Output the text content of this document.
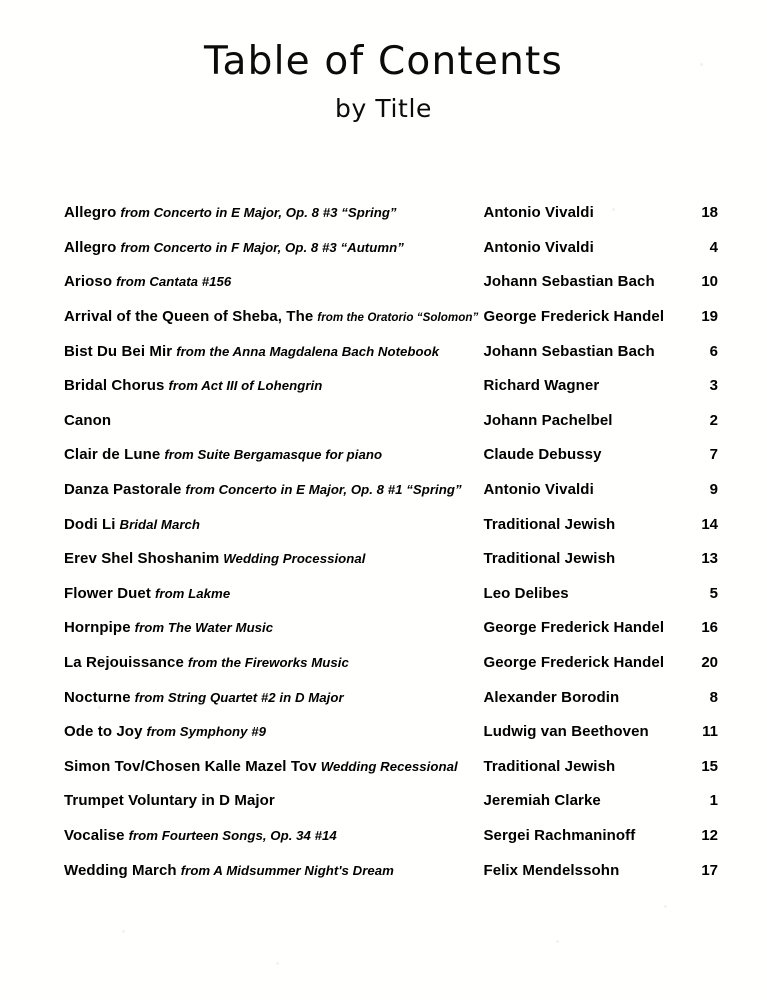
Table of Contents
by Title
Allegro from Concerto in E Major, Op. 8 #3 “Spring”	Antonio Vivaldi	18
Allegro from Concerto in F Major, Op. 8 #3 “Autumn”	Antonio Vivaldi	4
Arioso from Cantata #156	Johann Sebastian Bach	10
Arrival of the Queen of Sheba, The from the Oratorio “Solomon”	George Frederick Handel	19
Bist Du Bei Mir from the Anna Magdalena Bach Notebook	Johann Sebastian Bach	6
Bridal Chorus from Act III of Lohengrin	Richard Wagner	3
Canon	Johann Pachelbel	2
Clair de Lune from Suite Bergamasque for piano	Claude Debussy	7
Danza Pastorale from Concerto in E Major, Op. 8 #1 “Spring”	Antonio Vivaldi	9
Dodi Li Bridal March	Traditional Jewish	14
Erev Shel Shoshanim Wedding Processional	Traditional Jewish	13
Flower Duet from Lakme	Leo Delibes	5
Hornpipe from The Water Music	George Frederick Handel	16
La Rejouissance from the Fireworks Music	George Frederick Handel	20
Nocturne from String Quartet #2 in D Major	Alexander Borodin	8
Ode to Joy from Symphony #9	Ludwig van Beethoven	11
Simon Tov/Chosen Kalle Mazel Tov Wedding Recessional	Traditional Jewish	15
Trumpet Voluntary in D Major	Jeremiah Clarke	1
Vocalise from Fourteen Songs, Op. 34 #14	Sergei Rachmaninoff	12
Wedding March from A Midsummer Night's Dream	Felix Mendelssohn	17
